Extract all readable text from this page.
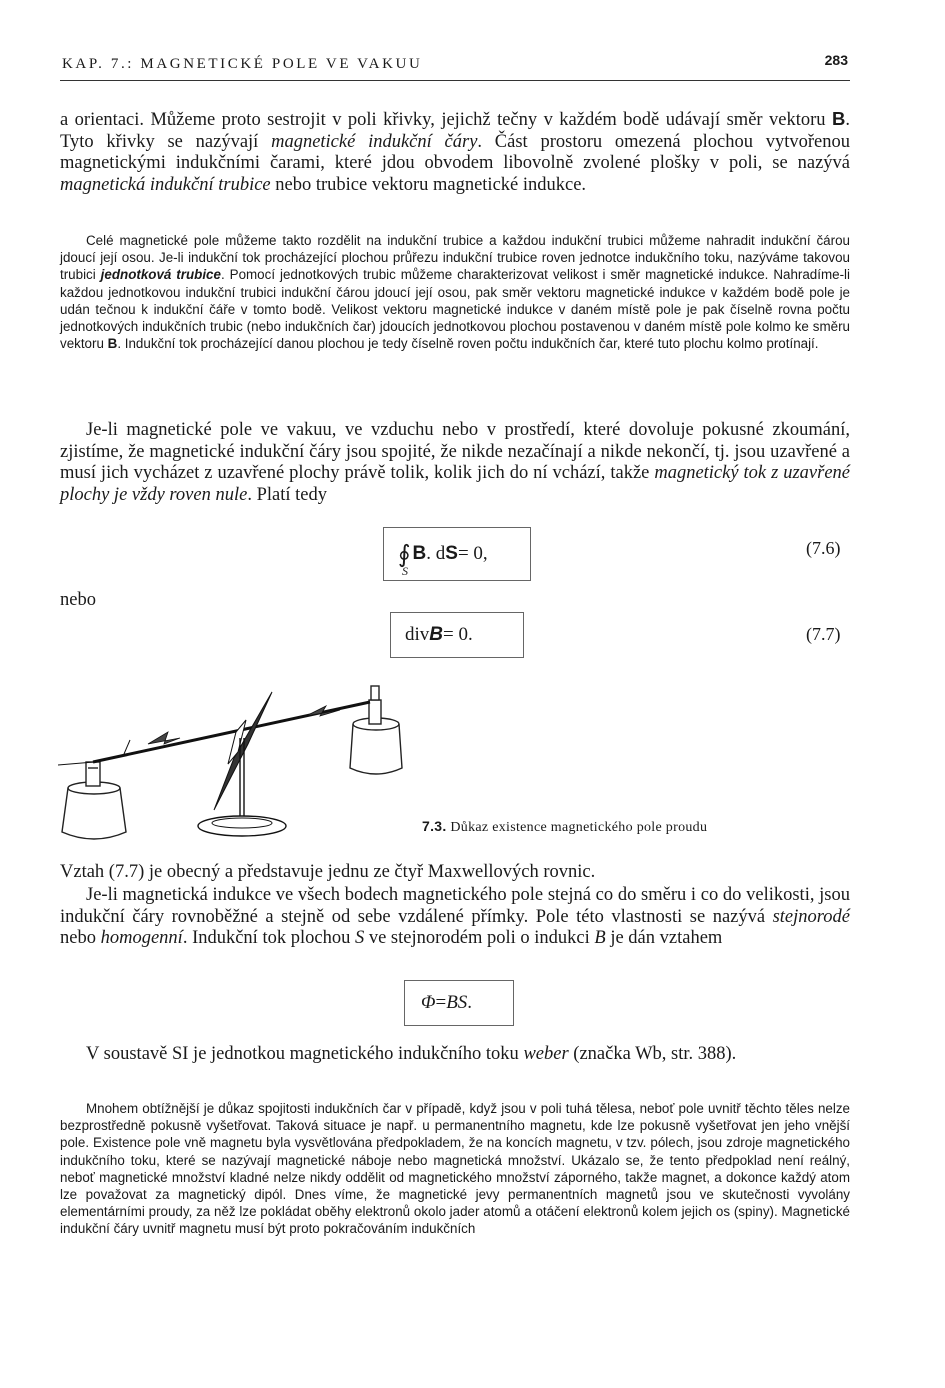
KAP. 7.: MAGNETICKÉ POLE VE VAKUU	283

a orientaci. Můžeme proto sestrojit v poli křivky, jejichž tečny v každém bodě udávají směr vektoru B. Tyto křivky se nazývají magnetické indukční čáry. Část prostoru omezená plochou vytvořenou magnetickými indukčními čarami, které jdou obvodem libovolně zvolené plošky v poli, se nazývá magnetická indukční trubice nebo trubice vektoru magnetické indukce.

Celé magnetické pole můžeme takto rozdělit na indukční trubice a každou indukční trubici můžeme nahradit indukční čárou jdoucí její osou. Je-li indukční tok procházející plochou průřezu indukční trubice roven jednotce indukčního toku, nazýváme takovou trubici jednotková trubice. Pomocí jednotkových trubic můžeme charakterizovat velikost i směr magnetické indukce. Nahradíme-li každou jednotkovou indukční trubici indukční čárou jdoucí její osou, pak směr vektoru magnetické indukce v každém bodě pole je udán tečnou k indukční čáře v tomto bodě. Velikost vektoru magnetické indukce v daném místě pole je pak číselně rovna počtu jednotkových indukčních trubic (nebo indukčních čar) jdoucích jednotkovou plochou postavenou v daném místě pole kolmo ke směru vektoru B. Indukční tok procházející danou plochou je tedy číselně roven počtu indukčních čar, které tuto plochu kolmo protínají.

Je-li magnetické pole ve vakuu, ve vzduchu nebo v prostředí, které dovoluje pokusné zkoumání, zjistíme, že magnetické indukční čáry jsou spojité, že nikde nezačínají a nikde nekončí, tj. jsou uzavřené a musí jich vycházet z uzavřené plochy právě tolik, kolik jich do ní vchází, takže magnetický tok z uzavřené plochy je vždy roven nule. Platí tedy

∮
S
B . d S = 0,	(7.6)
nebo
div B = 0.	(7.7)
7.3. Důkaz existence magnetického pole proudu

Vztah (7.7) je obecný a představuje jednu ze čtyř Maxwellových rovnic.

Je-li magnetická indukce ve všech bodech magnetického pole stejná co do směru i co do velikosti, jsou indukční čáry rovnoběžné a stejně od sebe vzdálené přímky. Pole této vlastnosti se nazývá stejnorodé nebo homogenní. Indukční tok plochou S ve stejnorodém poli o indukci B je dán vztahem

Φ = BS .

V soustavě SI je jednotkou magnetického indukčního toku weber (značka Wb, str. 388).

Mnohem obtížnější je důkaz spojitosti indukčních čar v případě, když jsou v poli tuhá tělesa, neboť pole uvnitř těchto těles nelze bezprostředně pokusně vyšetřovat. Taková situace je např. u permanentního magnetu, kde lze pokusně vyšetřovat jen jeho vnější pole. Existence pole vně magnetu byla vysvětlována předpokladem, že na koncích magnetu, v tzv. pólech, jsou zdroje magnetického indukčního toku, které se nazývají magnetické náboje nebo magnetická množství. Ukázalo se, že tento předpoklad není reálný, neboť magnetické množství kladné nelze nikdy oddělit od magnetického množství záporného, takže magnet, a dokonce každý atom lze považovat za magnetický dipól. Dnes víme, že magnetické jevy permanentních magnetů jsou ve skutečnosti vyvolány elementárními proudy, za něž lze pokládat oběhy elektronů okolo jader atomů a otáčení elektronů kolem jejich os (spiny). Magnetické indukční čáry uvnitř magnetu musí být proto pokračováním indukčních
